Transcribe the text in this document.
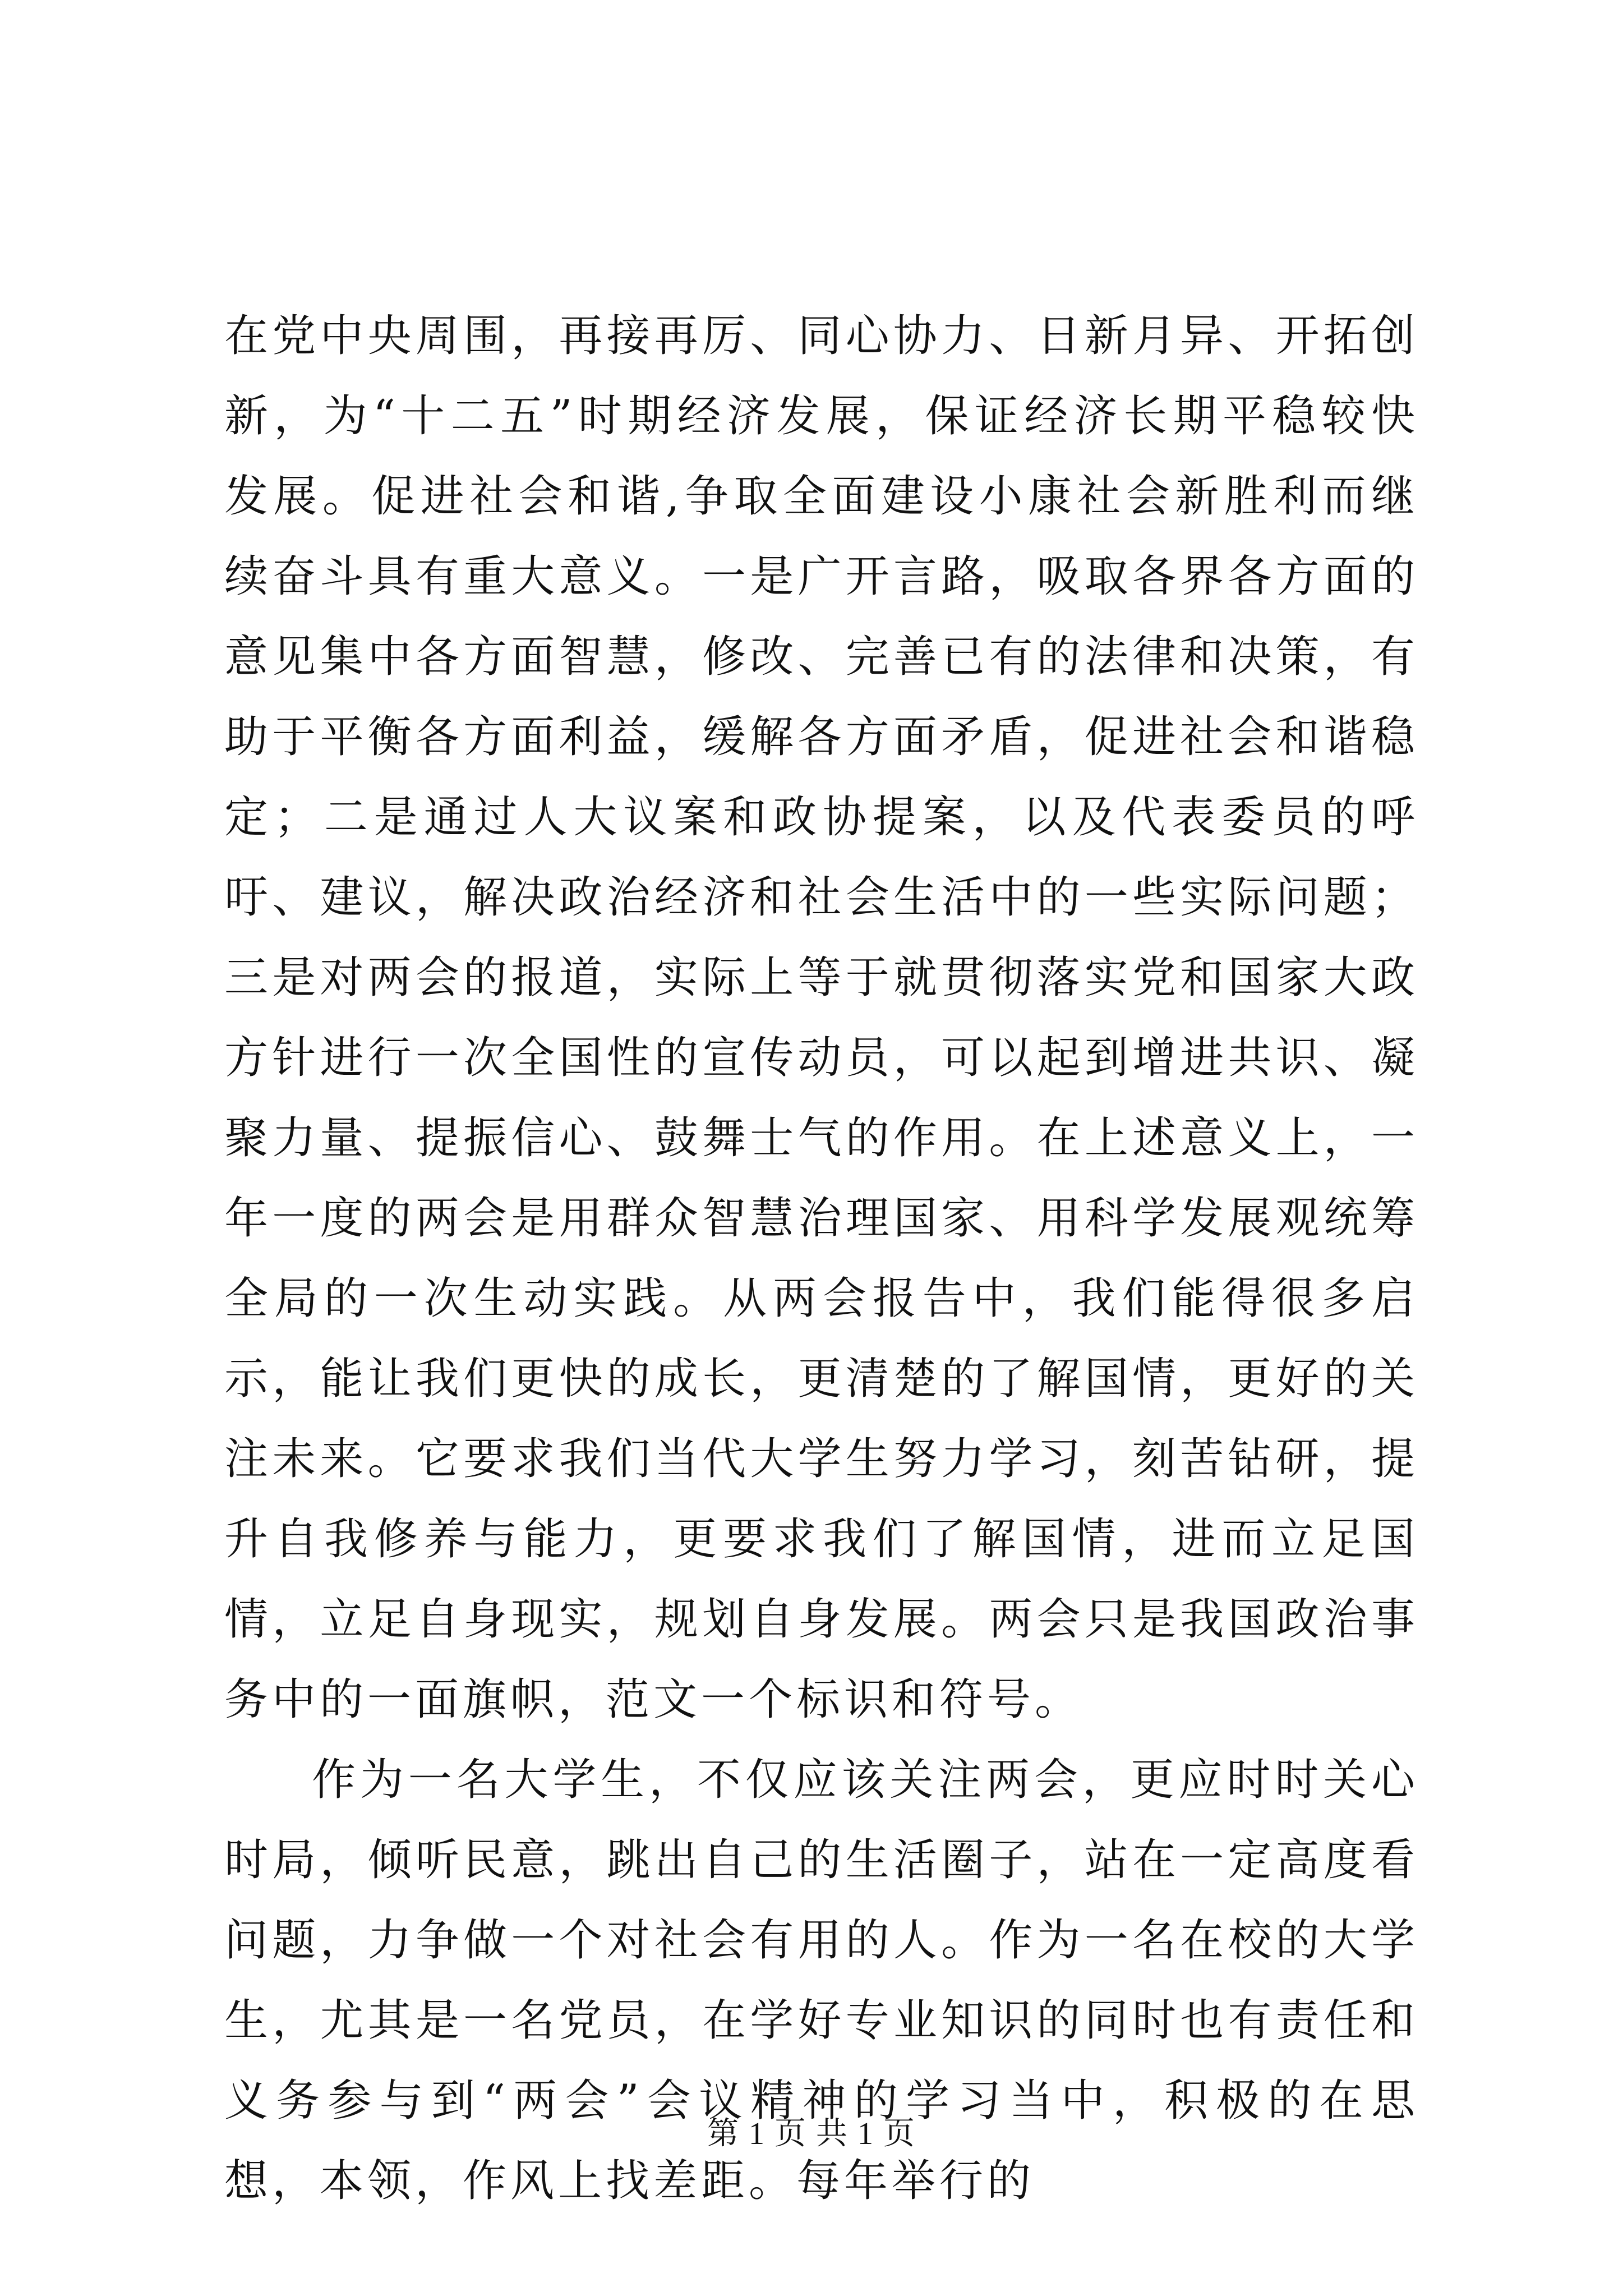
在党中央周围，再接再厉、同心协力、日新月异、开拓创新，为“十二五”时期经济发展，保证经济长期平稳较快发展。促进社会和谐,争取全面建设小康社会新胜利而继续奋斗具有重大意义。一是广开言路，吸取各界各方面的意见集中各方面智慧，修改、完善已有的法律和决策，有助于平衡各方面利益，缓解各方面矛盾，促进社会和谐稳定；二是通过人大议案和政协提案，以及代表委员的呼吁、建议，解决政治经济和社会生活中的一些实际问题；三是对两会的报道，实际上等于就贯彻落实党和国家大政方针进行一次全国性的宣传动员，可以起到增进共识、凝聚力量、提振信心、鼓舞士气的作用。在上述意义上，一年一度的两会是用群众智慧治理国家、用科学发展观统筹全局的一次生动实践。从两会报告中，我们能得很多启示，能让我们更快的成长，更清楚的了解国情，更好的关注未来。它要求我们当代大学生努力学习，刻苦钻研，提升自我修养与能力，更要求我们了解国情，进而立足国情，立足自身现实，规划自身发展。两会只是我国政治事务中的一面旗帜，范文一个标识和符号。

作为一名大学生，不仅应该关注两会，更应时时关心时局，倾听民意，跳出自己的生活圈子，站在一定高度看问题，力争做一个对社会有用的人。作为一名在校的大学生，尤其是一名党员，在学好专业知识的同时也有责任和义务参与到“两会”会议精神的学习当中，积极的在思想，本领，作风上找差距。每年举行的

第 1 页 共 1 页
